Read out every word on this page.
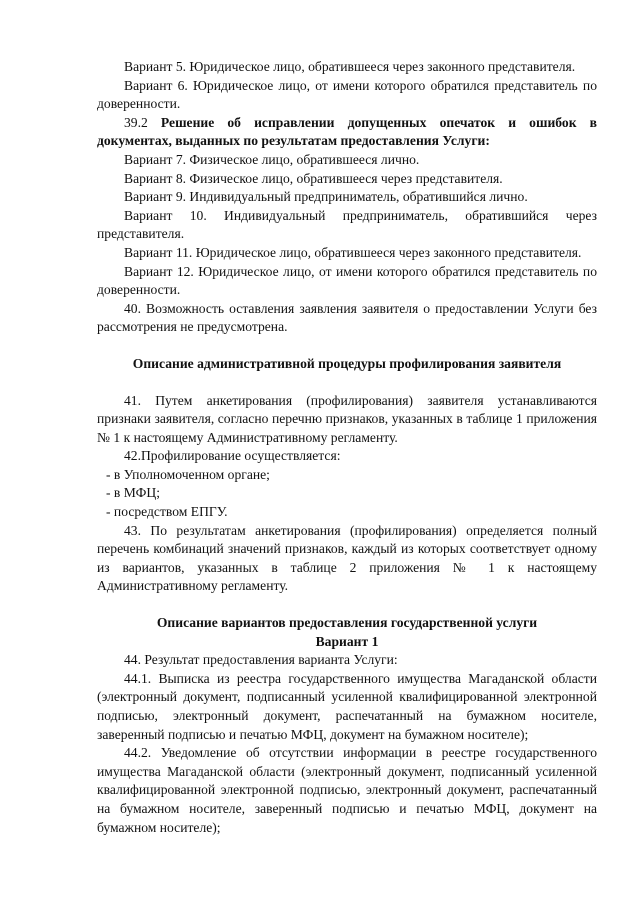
Вариант 5. Юридическое лицо, обратившееся через законного представителя.

Вариант 6. Юридическое лицо, от имени которого обратился представитель по доверенности.

39.2 Решение об исправлении допущенных опечаток и ошибок в документах, выданных по результатам предоставления Услуги:

Вариант 7. Физическое лицо, обратившееся лично.

Вариант 8. Физическое лицо, обратившееся через представителя.

Вариант 9. Индивидуальный предприниматель, обратившийся лично.

Вариант 10. Индивидуальный предприниматель, обратившийся через представителя.

Вариант 11. Юридическое лицо, обратившееся через законного представителя.

Вариант 12. Юридическое лицо, от имени которого обратился представитель по доверенности.

40. Возможность оставления заявления заявителя о предоставлении Услуги без рассмотрения не предусмотрена.

Описание административной процедуры профилирования заявителя

41. Путем анкетирования (профилирования) заявителя устанавливаются признаки заявителя, согласно перечню признаков, указанных в таблице 1 приложения № 1 к настоящему Административному регламенту.

42.Профилирование осуществляется:

- в Уполномоченном органе;

- в МФЦ;

- посредством ЕПГУ.

43. По результатам анкетирования (профилирования) определяется полный перечень комбинаций значений признаков, каждый из которых соответствует одному из вариантов, указанных в таблице 2 приложения № 1 к настоящему Административному регламенту.

Описание вариантов предоставления государственной услуги
Вариант 1

44. Результат предоставления варианта Услуги:

44.1. Выписка из реестра государственного имущества Магаданской области (электронный документ, подписанный усиленной квалифицированной электронной подписью, электронный документ, распечатанный на бумажном носителе, заверенный подписью и печатью МФЦ, документ на бумажном носителе);

44.2. Уведомление об отсутствии информации в реестре государственного имущества Магаданской области (электронный документ, подписанный усиленной квалифицированной электронной подписью, электронный документ, распечатанный на бумажном носителе, заверенный подписью и печатью МФЦ, документ на бумажном носителе);
